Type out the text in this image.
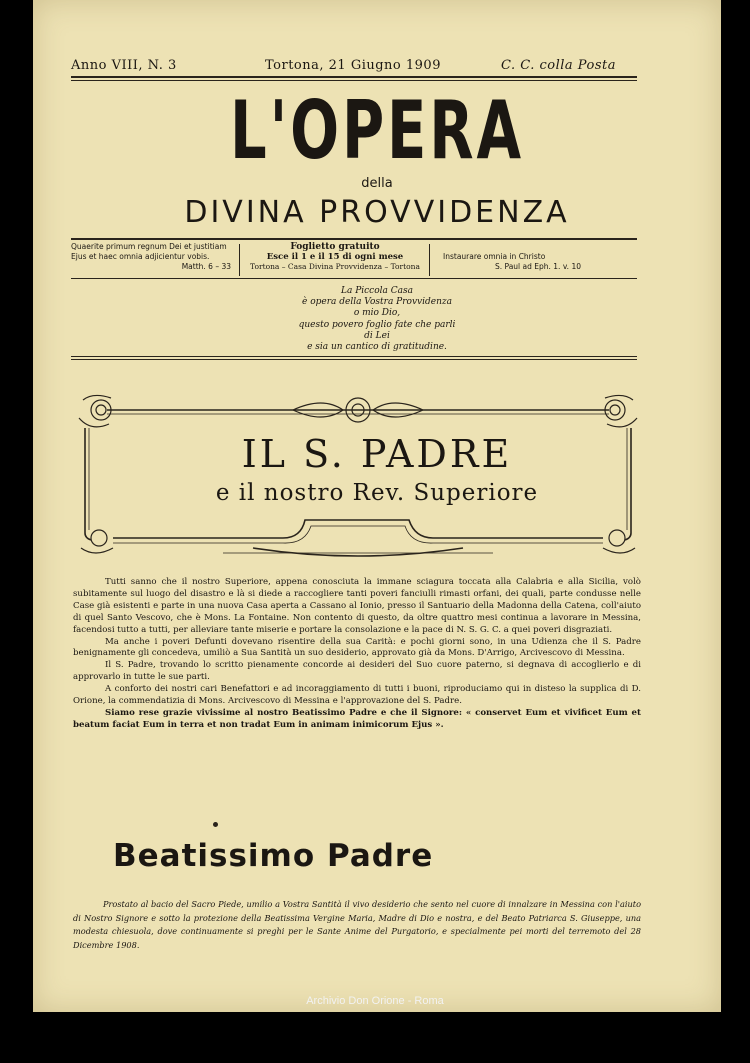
Anno VIII, N. 3	Tortona, 21 Giugno 1909	C. C. colla Posta
L'OPERA
della
DIVINA PROVVIDENZA
Quaerite primum regnum Dei et justitiam
Ejus et haec omnia adjicientur vobis.
Matth. 6 – 33
Foglietto gratuito
Esce il 1 e il 15 di ogni mese
Tortona – Casa Divina Provvidenza – Tortona
Instaurare omnia in Christo
S. Paul ad Eph. 1. v. 10
La Piccola Casa
è opera della Vostra Provvidenza
o mio Dio,
questo povero foglio fate che parli
di Lei
e sia un cantico di gratitudine.
IL S. PADRE
e il nostro Rev. Superiore

Tutti sanno che il nostro Superiore, appena conosciuta la immane sciagura toccata alla Calabria e alla Sicilia, volò subitamente sul luogo del disastro e là si diede a raccogliere tanti poveri fanciulli rimasti orfani, dei quali, parte condusse nelle Case già esistenti e parte in una nuova Casa aperta a Cassano al Ionio, presso il Santuario della Madonna della Catena, coll'aiuto di quel Santo Vescovo, che è Mons. La Fontaine. Non contento di questo, da oltre quattro mesi continua a lavorare in Messina, facendosi tutto a tutti, per alleviare tante miserie e portare la consolazione e la pace di N. S. G. C. a quei poveri disgraziati.

Ma anche i poveri Defunti dovevano risentire della sua Carità: e pochi giorni sono, in una Udienza che il S. Padre benignamente gli concedeva, umiliò a Sua Santità un suo desiderio, approvato già da Mons. D'Arrigo, Arcivescovo di Messina.

Il S. Padre, trovando lo scritto pienamente concorde ai desideri del Suo cuore paterno, si degnava di accoglierlo e di approvarlo in tutte le sue parti.

A conforto dei nostri cari Benefattori e ad incoraggiamento di tutti i buoni, riproduciamo qui in disteso la supplica di D. Orione, la commendatizia di Mons. Arcivescovo di Messina e l'approvazione del S. Padre.

Siamo rese grazie vivissime al nostro Beatissimo Padre e che il Signore: « conservet Eum et vivificet Eum et beatum faciat Eum in terra et non tradat Eum in animam inimicorum Ejus ».

Beatissimo Padre
Prostato al bacio del Sacro Piede, umilio a Vostra Santità il vivo desiderio che sento nel cuore di innalzare in Messina con l'aiuto di Nostro Signore e sotto la protezione della Beatissima Vergine Maria, Madre di Dio e nostra, e del Beato Patriarca S. Giuseppe, una modesta chiesuola, dove continuamente si preghi per le Sante Anime del Purgatorio, e specialmente pei morti del terremoto del 28 Dicembre 1908.
Archivio Don Orione - Roma
